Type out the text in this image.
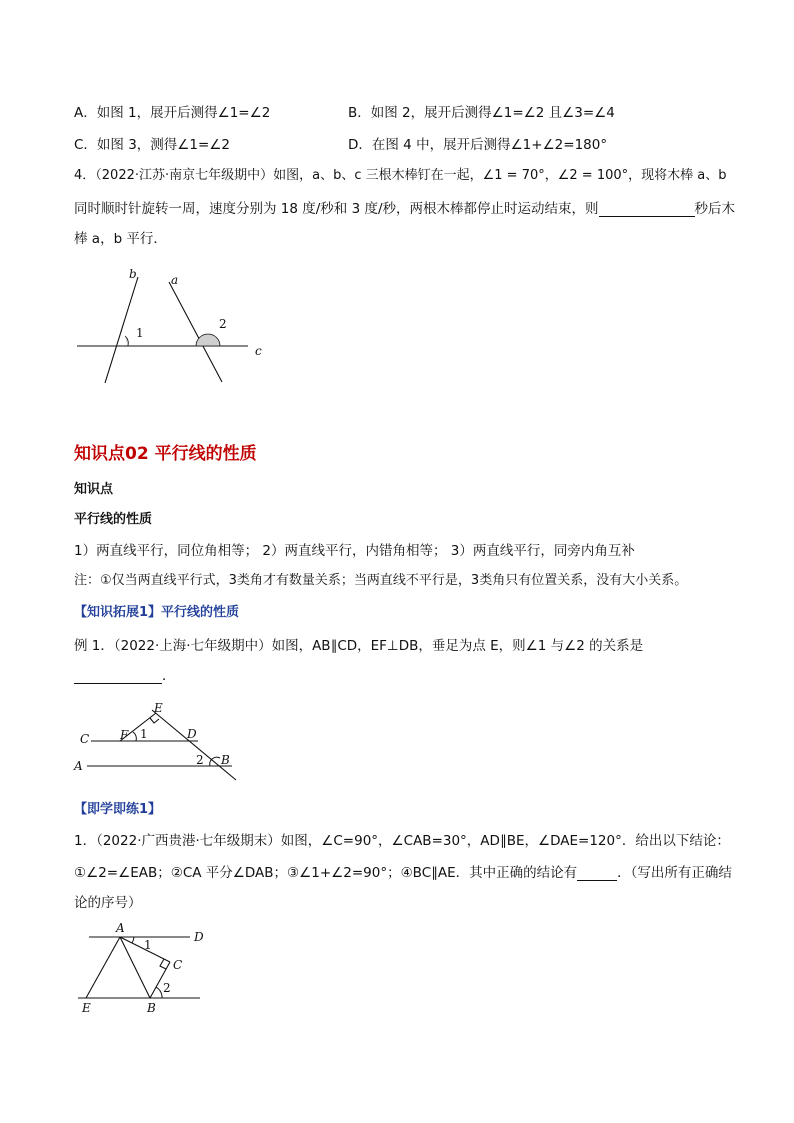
A．如图 1，展开后测得∠1=∠2	B．如图 2，展开后测得∠1=∠2 且∠3=∠4
C．如图 3，测得∠1=∠2	D．在图 4 中，展开后测得∠1+∠2=180°
4．（2022·江苏·南京七年级期中）如图，a、b、c 三根木棒钉在一起，∠1 = 70°，∠2 = 100°，现将木棒 a、b
同时顺时针旋转一周，速度分别为 18 度/秒和 3 度/秒，两根木棒都停止时运动结束，则	秒后木
棒 a，b 平行．
b	a
c
1
2
知识点02 平行线的性质
知识点
平行线的性质
1）两直线平行，同位角相等； 2）两直线平行，内错角相等； 3）两直线平行，同旁内角互补
注：①仅当两直线平行式，3类角才有数量关系；当两直线不平行是，3类角只有位置关系，没有大小关系。
【知识拓展1】平行线的性质
例 1．（2022·上海·七年级期中）如图，AB∥CD，EF⊥DB，垂足为点 E，则∠1 与∠2 的关系是
．
E
F 1	D
C
A	2 B
【即学即练1】
1．（2022·广西贵港·七年级期末）如图，∠C=90°，∠CAB=30°，AD∥BE，∠DAE=120°．给出以下结论：
①∠2=∠EAB；②CA 平分∠DAB；③∠1+∠2=90°；④BC∥AE．其中正确的结论有	．（写出所有正确结
论的序号）
A
D
1
C
2
E	B
